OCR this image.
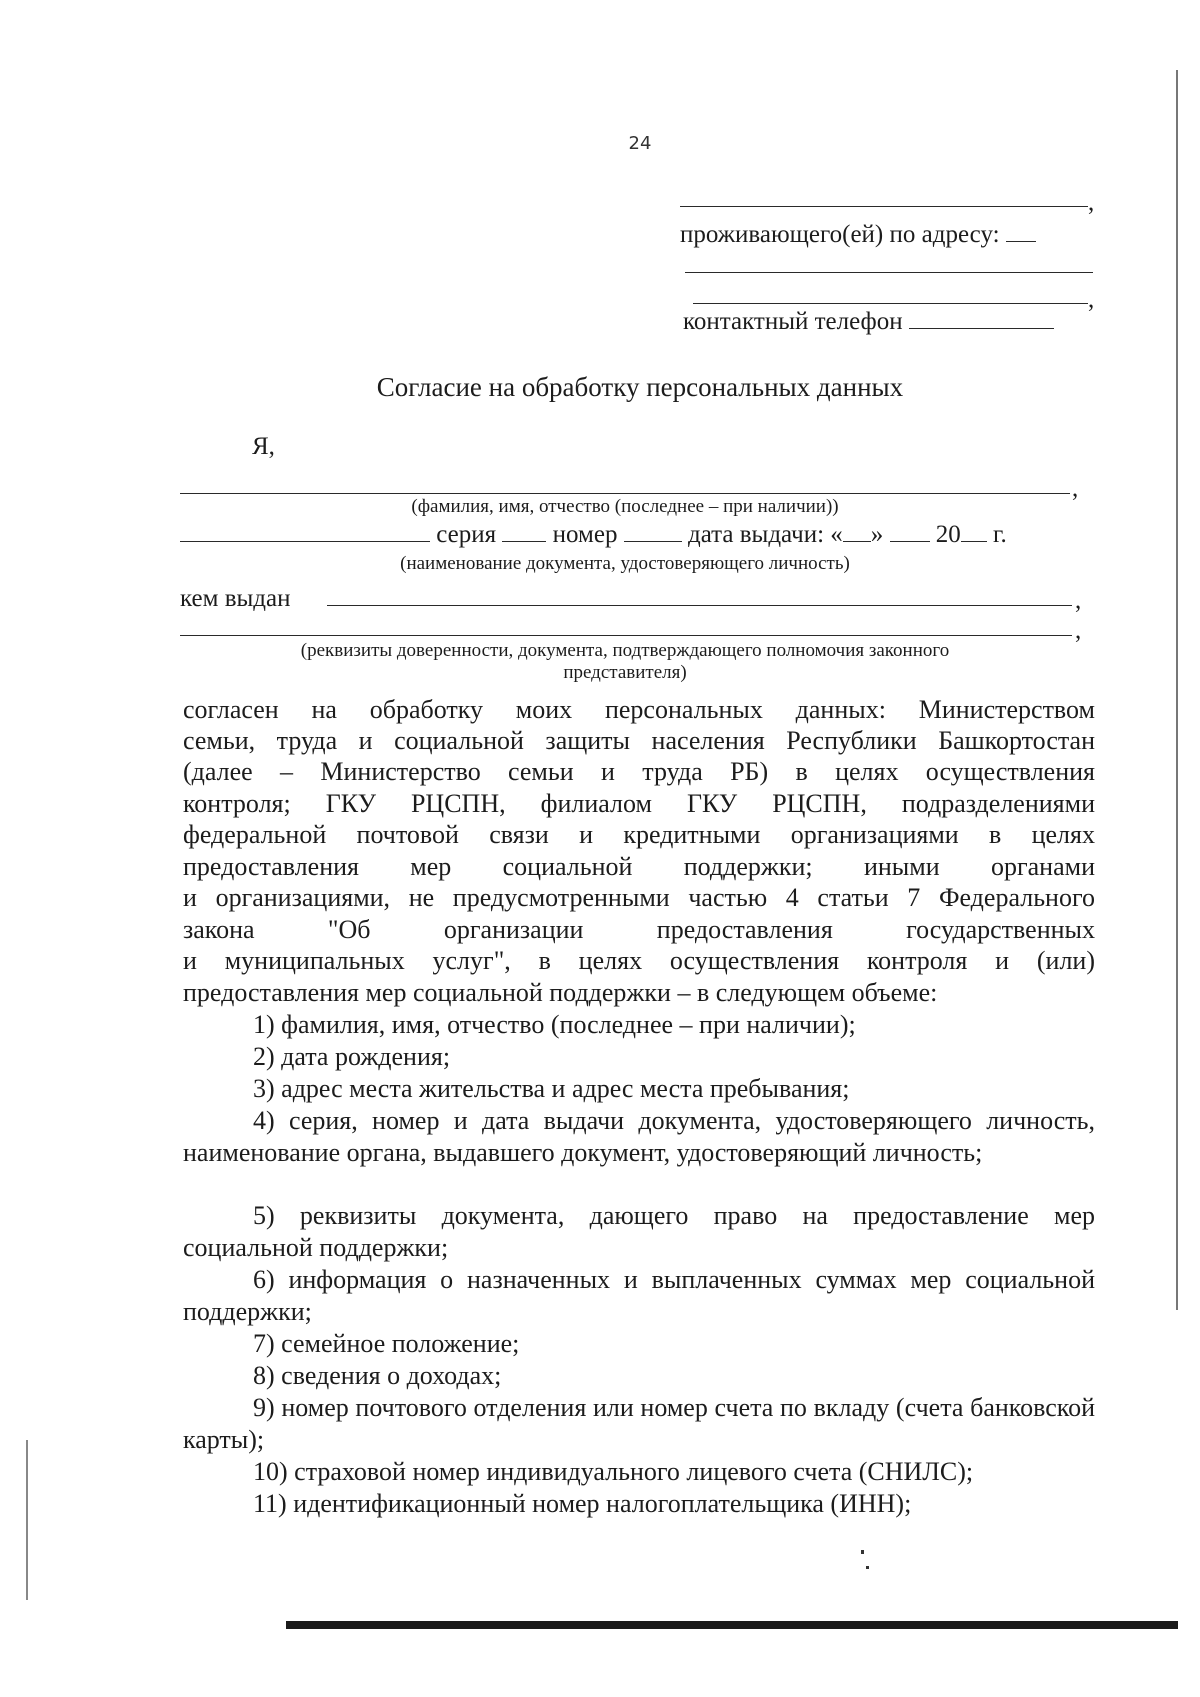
24
,
проживающего(ей) по адресу:
,
контактный телефон
Согласие на обработку персональных данных
Я,
,
(фамилия, имя, отчество (последнее – при наличии))
серия номер	дата выдачи: « » 20 г.
(наименование документа, удостоверяющего личность)
кем выдан	,
,
(реквизиты доверенности, документа, подтверждающего полномочия законного
представителя)
согласен на обработку моих персональных данных: Министерством
семьи, труда и социальной защиты населения Республики Башкортостан
(далее – Министерство семьи и труда РБ) в целях осуществления
контроля; ГКУ РЦСПН, филиалом ГКУ РЦСПН, подразделениями
федеральной почтовой связи и кредитными организациями в целях
предоставления мер социальной поддержки; иными органами
и организациями, не предусмотренными частью 4 статьи 7 Федерального
закона "Об организации предоставления государственных
и муниципальных услуг", в целях осуществления контроля и (или)
предоставления мер социальной поддержки – в следующем объеме:
1) фамилия, имя, отчество (последнее – при наличии);
2) дата рождения;
3) адрес места жительства и адрес места пребывания;
4) серия, номер и дата выдачи документа, удостоверяющего личность, наименование органа, выдавшего документ, удостоверяющий личность;
5) реквизиты документа, дающего право на предоставление мер социальной поддержки;
6) информация о назначенных и выплаченных суммах мер социальной поддержки;
7) семейное положение;
8) сведения о доходах;
9) номер почтового отделения или номер счета по вкладу (счета банковской карты);
10) страховой номер индивидуального лицевого счета (СНИЛС);
11) идентификационный номер налогоплательщика (ИНН);
